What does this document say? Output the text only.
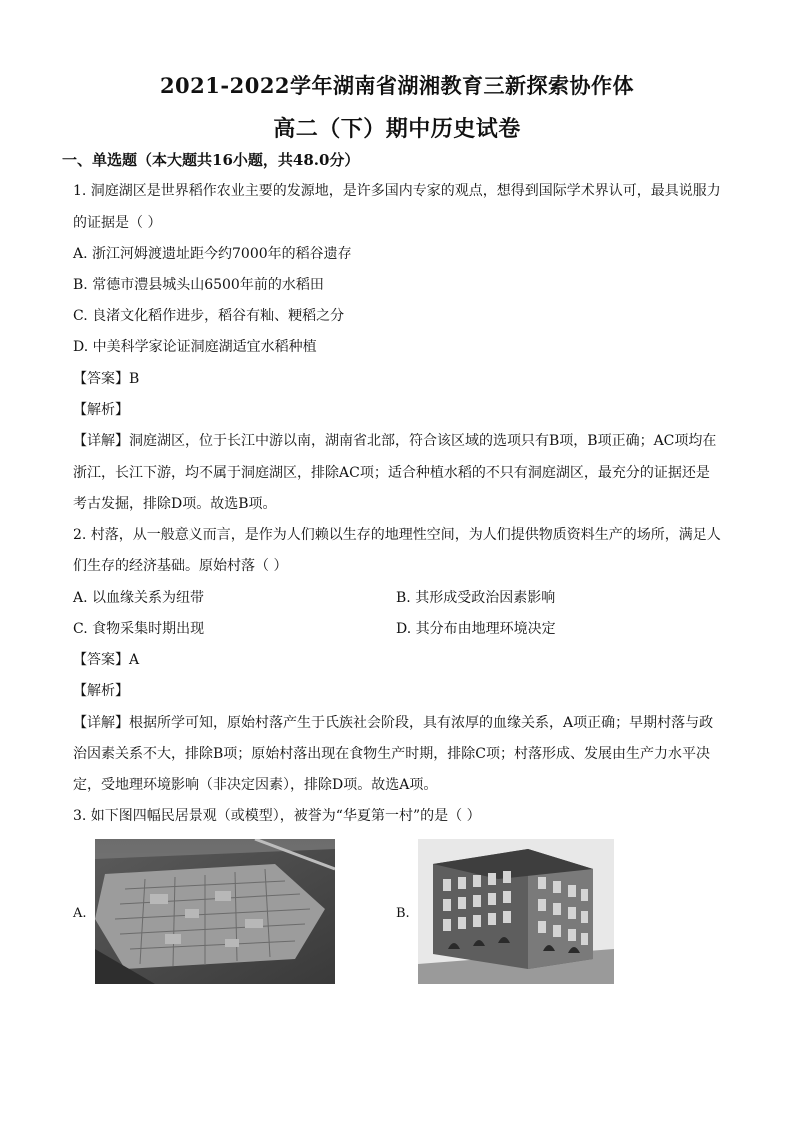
2021-2022学年湖南省湖湘教育三新探索协作体
高二（下）期中历史试卷
一、单选题（本大题共16小题，共48.0分）
1. 洞庭湖区是世界稻作农业主要的发源地，是许多国内专家的观点，想得到国际学术界认可，最具说服力
的证据是（ ）
A. 浙江河姆渡遗址距今约7000年的稻谷遗存
B. 常德市澧县城头山6500年前的水稻田
C. 良渚文化稻作进步，稻谷有籼、粳稻之分
D. 中美科学家论证洞庭湖适宜水稻种植
【答案】B
【解析】
【详解】洞庭湖区，位于长江中游以南，湖南省北部，符合该区域的选项只有B项，B项正确；AC项均在
浙江，长江下游，均不属于洞庭湖区，排除AC项；适合种植水稻的不只有洞庭湖区，最充分的证据还是
考古发掘，排除D项。故选B项。
2. 村落，从一般意义而言，是作为人们赖以生存的地理性空间，为人们提供物质资料生产的场所，满足人
们生存的经济基础。原始村落（ ）
A. 以血缘关系为纽带	B. 其形成受政治因素影响
C. 食物采集时期出现	D. 其分布由地理环境决定
【答案】A
【解析】
【详解】根据所学可知，原始村落产生于氏族社会阶段，具有浓厚的血缘关系，A项正确；早期村落与政
治因素关系不大，排除B项；原始村落出现在食物生产时期，排除C项；村落形成、发展由生产力水平决
定，受地理环境影响（非决定因素），排除D项。故选A项。
3. 如下图四幅民居景观（或模型），被誉为“华夏第一村”的是（ ）
A.	B.
